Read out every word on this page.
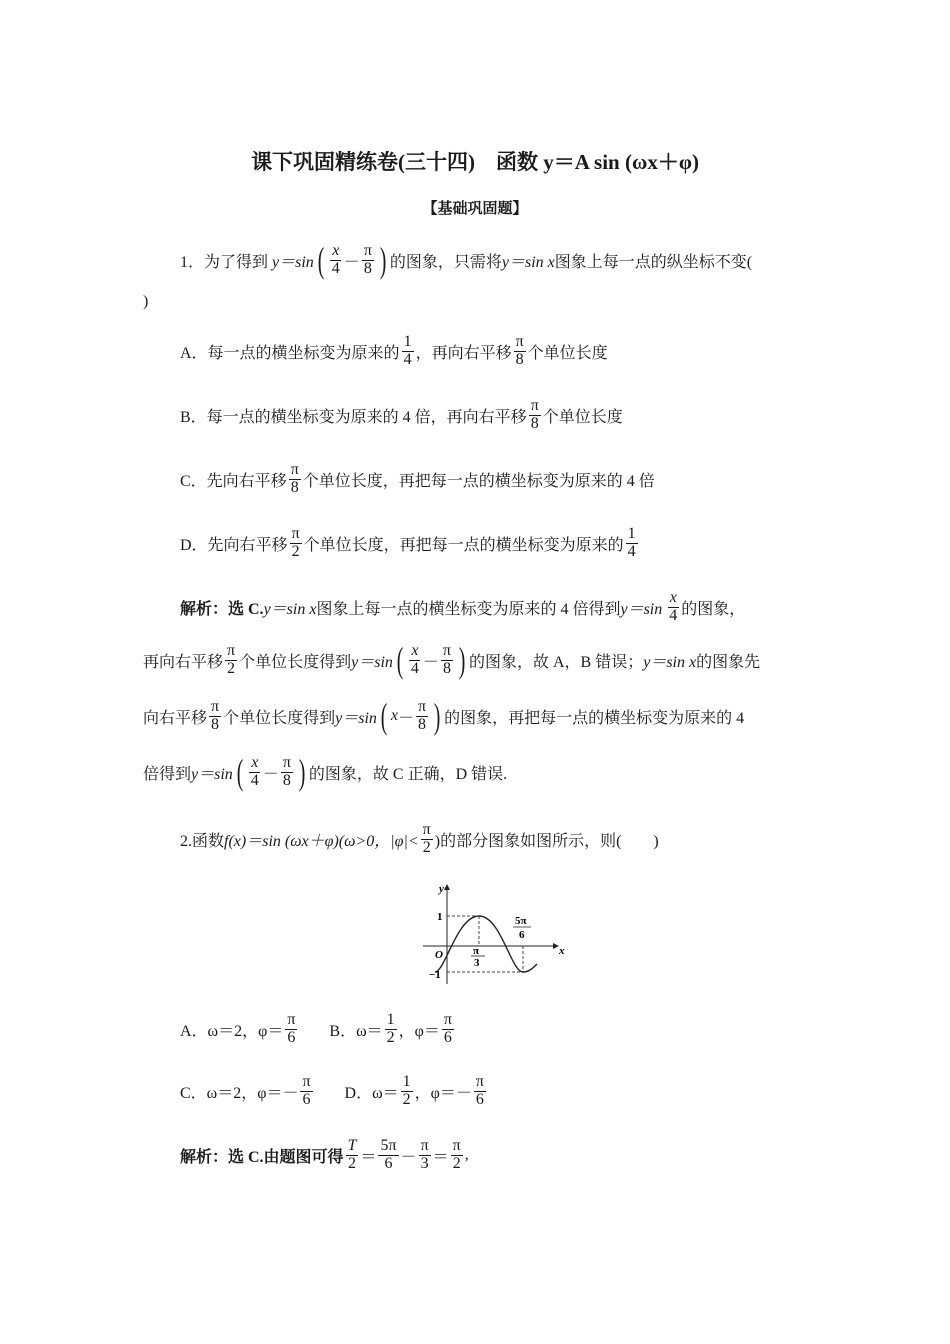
课下巩固精练卷(三十四)　函数 y＝A sin (ωx＋φ)
【基础巩固题】
1．为了得到 y＝sin ( $\frac{x}{4} - \frac{\pi}{8}$ ) 的图象，只需将 y＝sin x 图象上每一点的纵坐标不变(
)
A．每一点的横坐标变为原来的 $\frac{1}{4}$ ，再向右平移 $\frac{\pi}{8}$ 个单位长度
B．每一点的横坐标变为原来的 4 倍，再向右平移 $\frac{\pi}{8}$ 个单位长度
C．先向右平移 $\frac{\pi}{8}$ 个单位长度，再把每一点的横坐标变为原来的 4 倍
D．先向右平移 $\frac{\pi}{2}$ 个单位长度，再把每一点的横坐标变为原来的 $\frac{1}{4}$
解析：选 C. y＝sin x 图象上每一点的横坐标变为原来的 4 倍得到 $y=\sin \frac{x}{4}$ 的图象，
再向右平移 $\frac{\pi}{2}$ 个单位长度得到 y＝sin ( $\frac{x}{4} - \frac{\pi}{8}$ ) 的图象，故 A，B 错误； y＝sin x 的图象先
向右平移 $\frac{\pi}{8}$ 个单位长度得到 y＝sin ( $x - \frac{\pi}{8}$ ) 的图象，再把每一点的横坐标变为原来的 4
倍得到 y＝sin ( $\frac{x}{4} - \frac{\pi}{8}$ ) 的图象，故 C 正确，D 错误.
2.函数 f(x)＝sin (ωx＋φ)(ω>0，$|\varphi|< \frac{\pi}{2}$ )的部分图象如图所示，则(　　)
y
x
O
1
−1
π
3
5π
6
A．ω＝2，$\varphi= \frac{\pi}{6}$ B．$\omega= \frac{1}{2}$ ，$\varphi= \frac{\pi}{6}$
C．ω＝2，$\varphi=- \frac{\pi}{6}$ D．$\omega= \frac{1}{2}$ ，$\varphi=- \frac{\pi}{6}$
解析：选 C.由题图可得 $\frac{T}{2} = \frac{5\pi}{6} - \frac{\pi}{3} = \frac{\pi}{2}$ ,
